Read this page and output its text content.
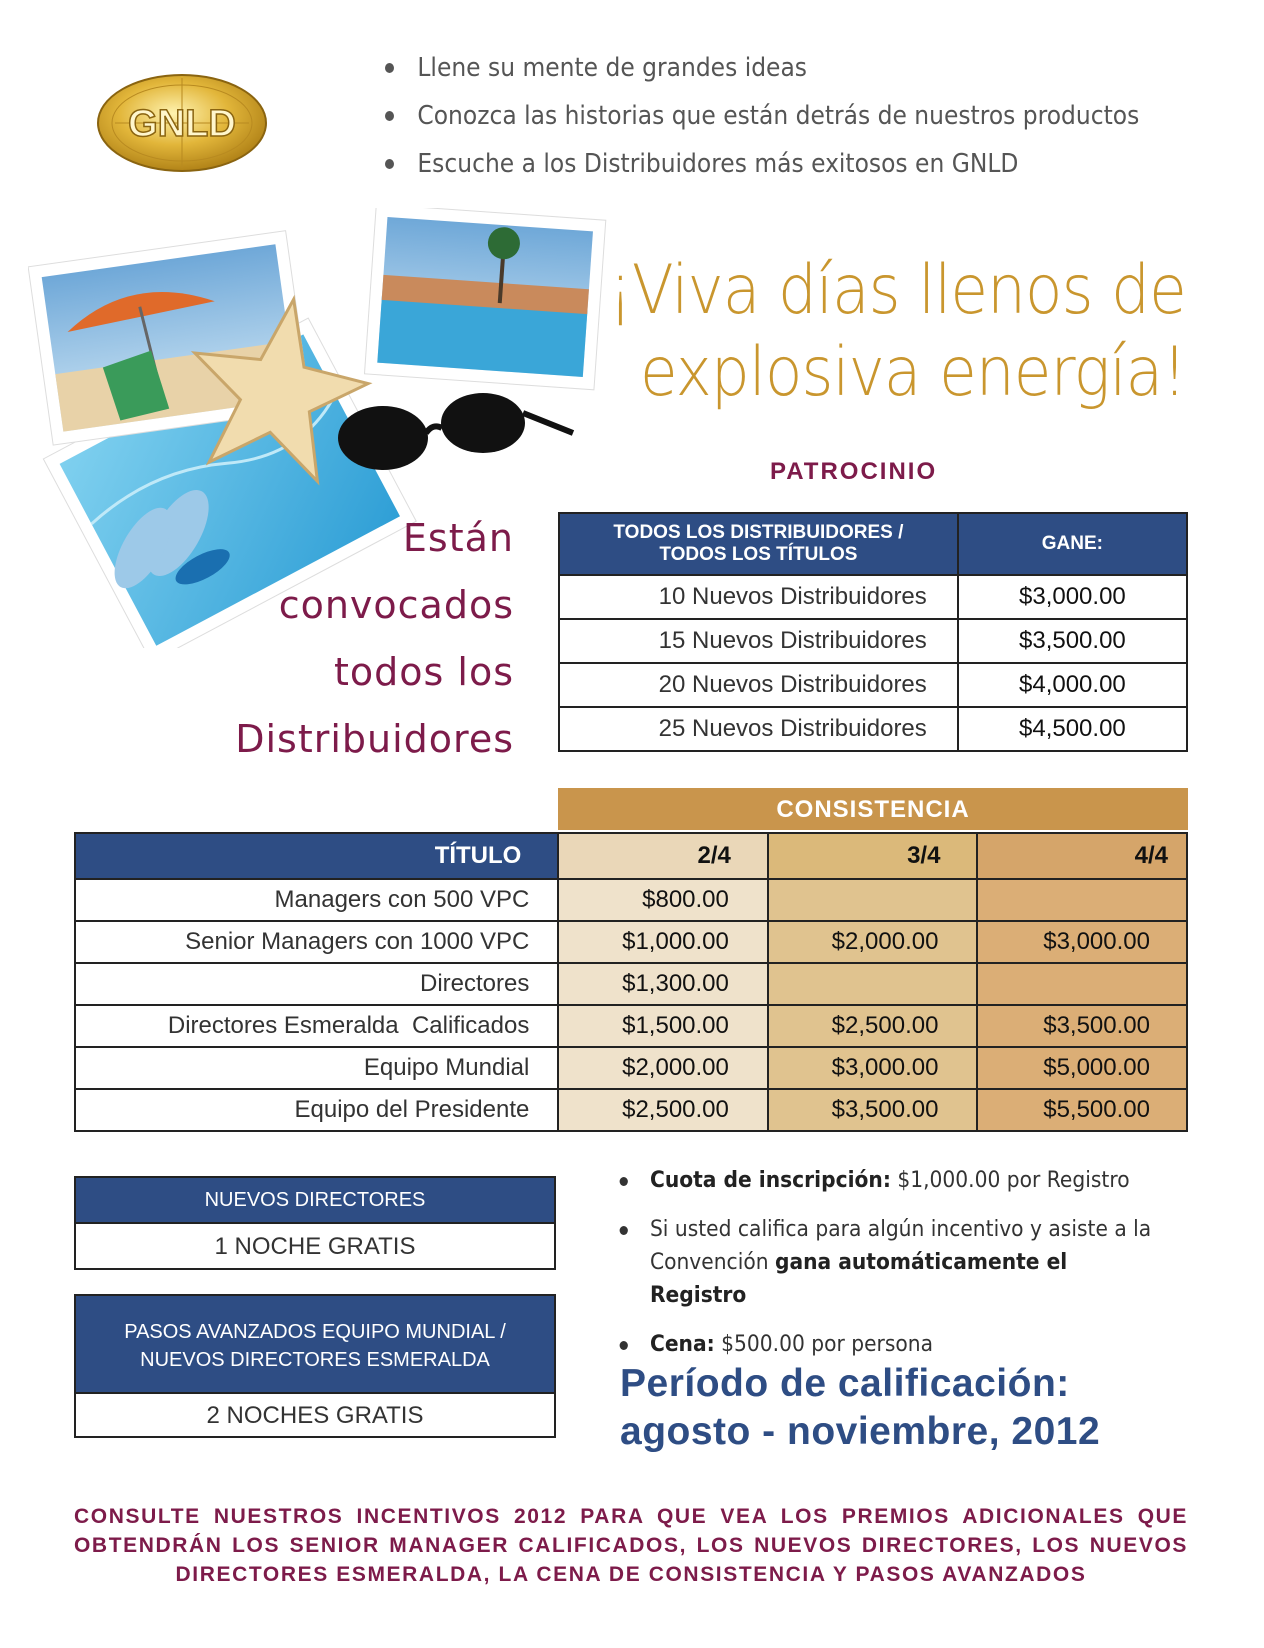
GNLD
Llene su mente de grandes ideas
Conozca las historias que están detrás de nuestros productos
Escuche a los Distribuidores más exitosos en GNLD
¡Viva días llenos de
explosiva energía!
PATROCINIO
Están
convocados
todos los
Distribuidores
TODOS LOS DISTRIBUIDORES / TODOS LOS TÍTULOS	GANE:
10 Nuevos Distribuidores	$3,000.00
15 Nuevos Distribuidores	$3,500.00
20 Nuevos Distribuidores	$4,000.00
25 Nuevos Distribuidores	$4,500.00
CONSISTENCIA
TÍTULO	2/4	3/4	4/4
Managers con 500 VPC	$800.00		
Senior Managers con 1000 VPC	$1,000.00	$2,000.00	$3,000.00
Directores	$1,300.00		
Directores Esmeralda  Calificados	$1,500.00	$2,500.00	$3,500.00
Equipo Mundial	$2,000.00	$3,000.00	$5,000.00
Equipo del Presidente	$2,500.00	$3,500.00	$5,500.00
NUEVOS DIRECTORES
1 NOCHE GRATIS
PASOS AVANZADOS EQUIPO MUNDIAL /
NUEVOS DIRECTORES ESMERALDA
2 NOCHES GRATIS
Cuota de inscripción: $1,000.00 por Registro
Si usted califica para algún incentivo y asiste a la Convención gana automáticamente el Registro
Cena: $500.00 por persona
Período de calificación:
agosto - noviembre, 2012
CONSULTE NUESTROS INCENTIVOS 2012 PARA QUE VEA LOS PREMIOS ADICIONALES QUE OBTENDRÁN LOS SENIOR MANAGER CALIFICADOS, LOS NUEVOS DIRECTORES, LOS NUEVOS DIRECTORES ESMERALDA, LA CENA DE CONSISTENCIA Y PASOS AVANZADOS
